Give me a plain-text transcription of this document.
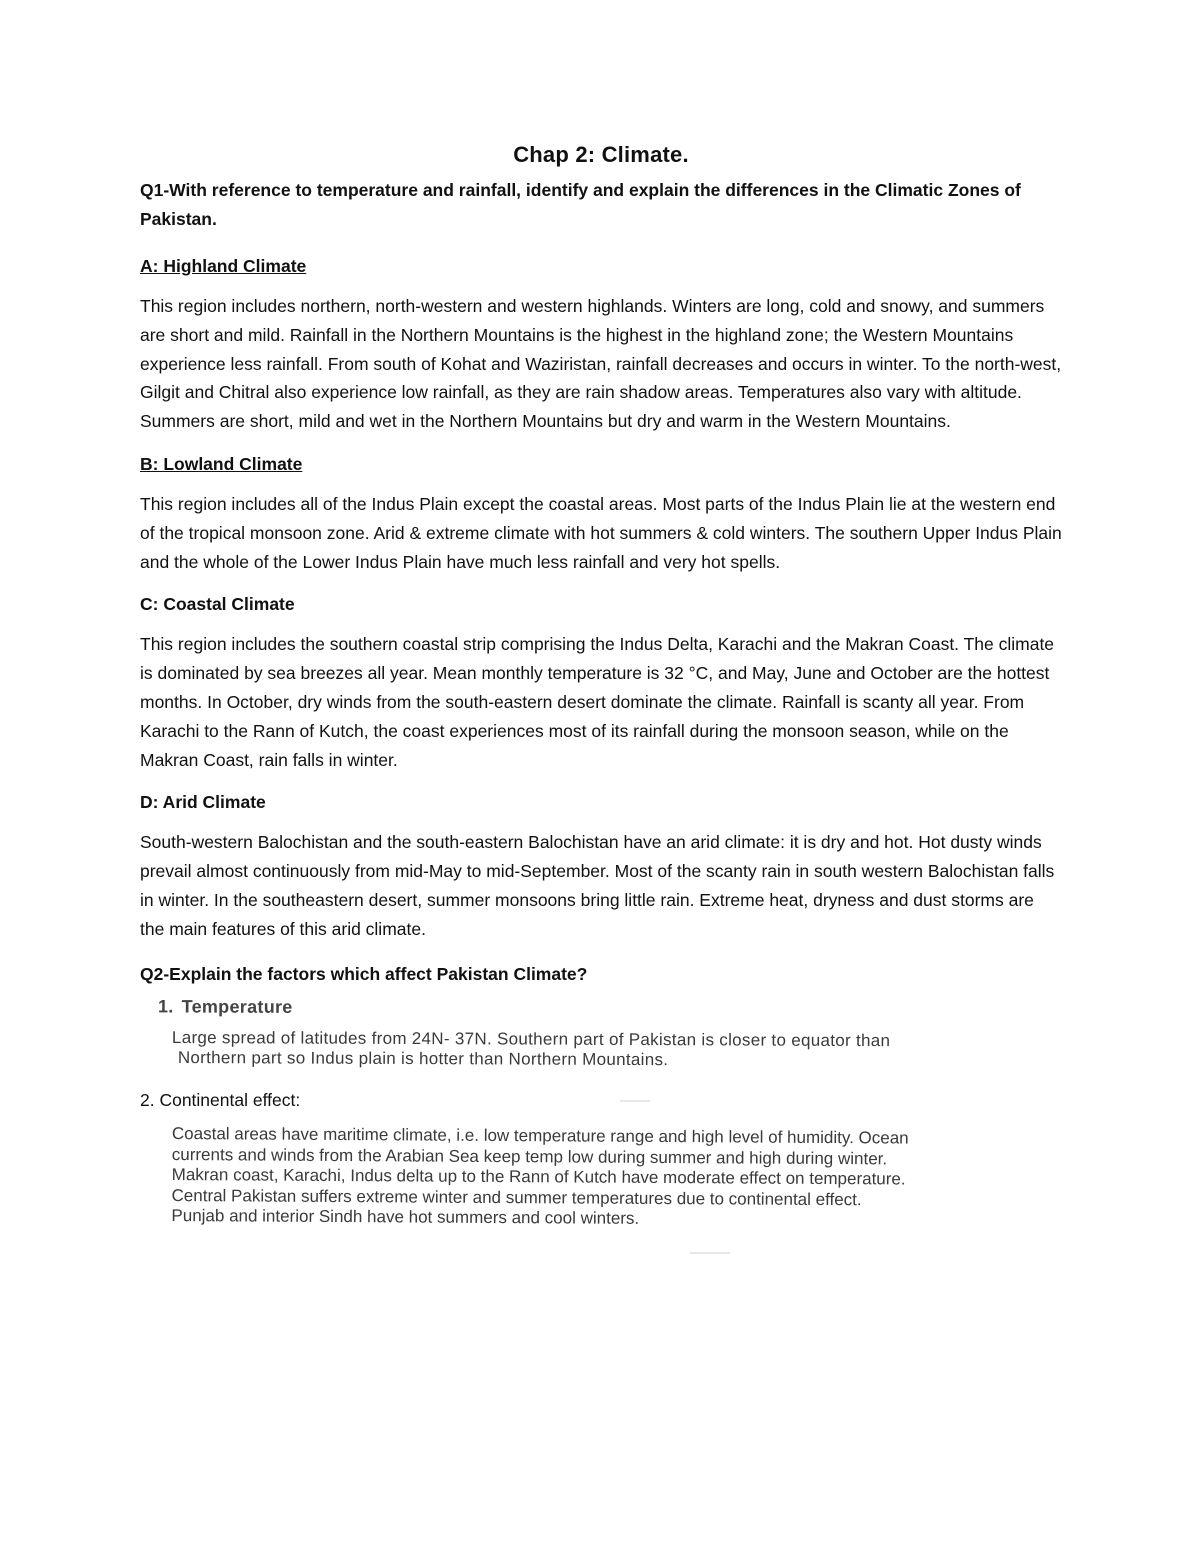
Chap 2: Climate.

Q1-With reference to temperature and rainfall, identify and explain the differences in the Climatic Zones of Pakistan.

A: Highland Climate

This region includes northern, north-western and western highlands. Winters are long, cold and snowy, and summers are short and mild. Rainfall in the Northern Mountains is the highest in the highland zone; the Western Mountains experience less rainfall. From south of Kohat and Waziristan, rainfall decreases and occurs in winter. To the north-west, Gilgit and Chitral also experience low rainfall, as they are rain shadow areas. Temperatures also vary with altitude. Summers are short, mild and wet in the Northern Mountains but dry and warm in the Western Mountains.

B: Lowland Climate

This region includes all of the Indus Plain except the coastal areas. Most parts of the Indus Plain lie at the western end of the tropical monsoon zone. Arid & extreme climate with hot summers & cold winters. The southern Upper Indus Plain and the whole of the Lower Indus Plain have much less rainfall and very hot spells.

C: Coastal Climate

This region includes the southern coastal strip comprising the Indus Delta, Karachi and the Makran Coast. The climate is dominated by sea breezes all year. Mean monthly temperature is 32 °C, and May, June and October are the hottest months. In October, dry winds from the south-eastern desert dominate the climate. Rainfall is scanty all year. From Karachi to the Rann of Kutch, the coast experiences most of its rainfall during the monsoon season, while on the Makran Coast, rain falls in winter.

D: Arid Climate

South-western Balochistan and the south-eastern Balochistan have an arid climate: it is dry and hot. Hot dusty winds prevail almost continuously from mid-May to mid-September. Most of the scanty rain in south western Balochistan falls in winter. In the southeastern desert, summer monsoons bring little rain. Extreme heat, dryness and dust storms are the main features of this arid climate.

Q2-Explain the factors which affect Pakistan Climate?
1. Temperature

Large spread of latitudes from 24N- 37N. Southern part of Pakistan is closer to equator than

Northern part so Indus plain is hotter than Northern Mountains.

2. Continental effect:

Coastal areas have maritime climate, i.e. low temperature range and high level of humidity. Ocean

currents and winds from the Arabian Sea keep temp low during summer and high during winter.

Makran coast, Karachi, Indus delta up to the Rann of Kutch have moderate effect on temperature.

Central Pakistan suffers extreme winter and summer temperatures due to continental effect.

Punjab and interior Sindh have hot summers and cool winters.
